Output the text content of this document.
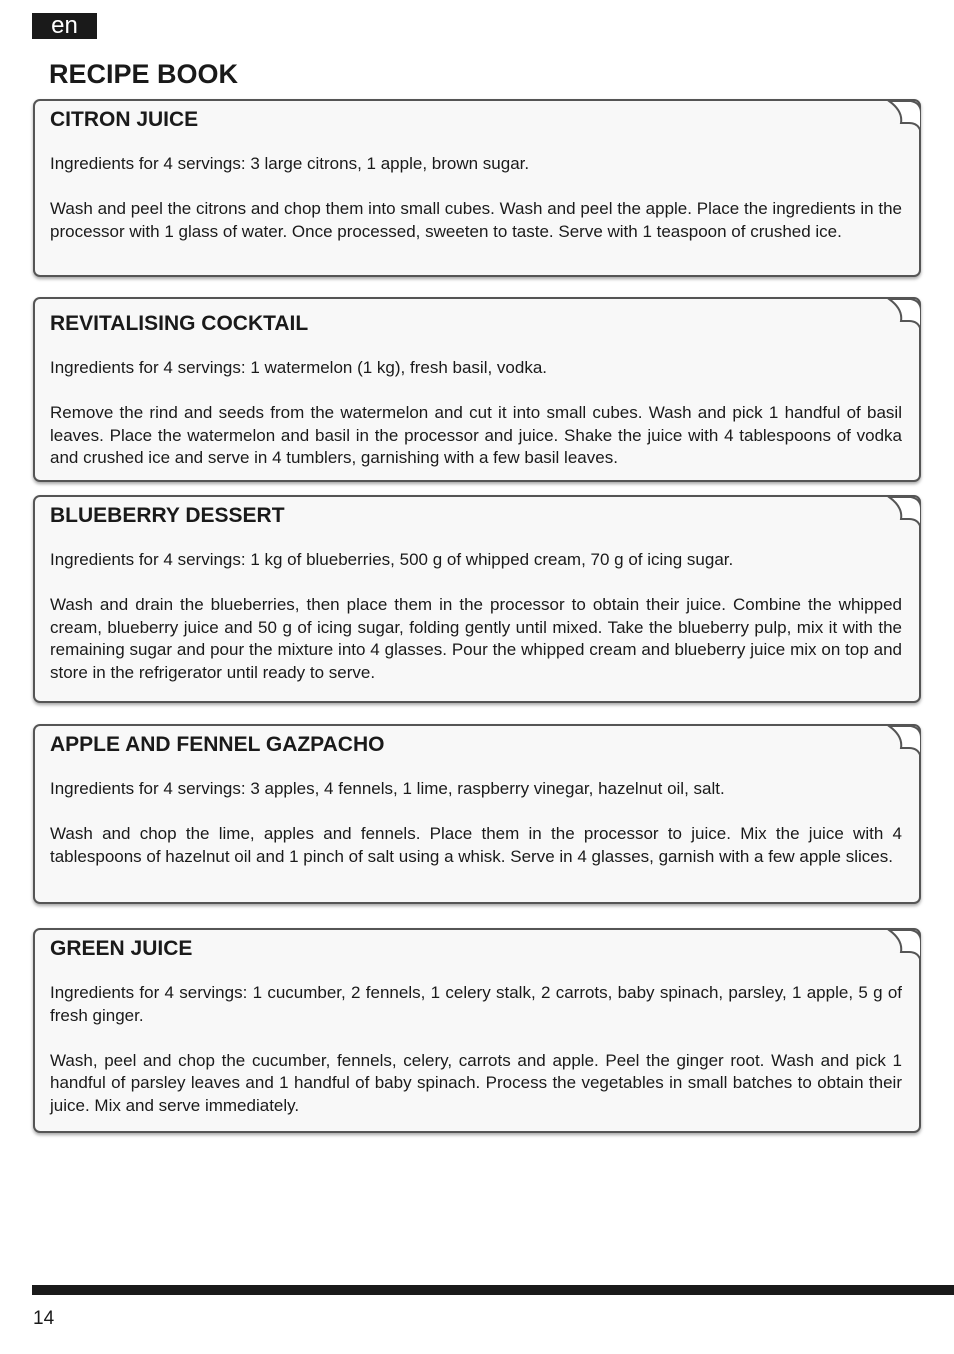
en
RECIPE BOOK
CITRON JUICE

Ingredients for 4 servings: 3 large citrons, 1 apple, brown sugar.

Wash and peel the citrons and chop them into small cubes. Wash and peel the apple. Place the ingredients in the processor with 1 glass of water. Once processed, sweeten to taste. Serve with 1 teaspoon of crushed ice.

REVITALISING COCKTAIL

Ingredients for 4 servings: 1 watermelon (1 kg), fresh basil, vodka.

Remove the rind and seeds from the watermelon and cut it into small cubes. Wash and pick 1 handful of basil leaves. Place the watermelon and basil in the processor and juice. Shake the juice with 4 tablespoons of vodka and crushed ice and serve in 4 tumblers, garnishing with a few basil leaves.

BLUEBERRY DESSERT

Ingredients for 4 servings: 1 kg of blueberries, 500 g of whipped cream, 70 g of icing sugar.

Wash and drain the blueberries, then place them in the processor to obtain their juice. Combine the whipped cream, blueberry juice and 50 g of icing sugar, folding gently until mixed. Take the blueberry pulp, mix it with the remaining sugar and pour the mixture into 4 glasses. Pour the whipped cream and blueberry juice mix on top and store in the refrigerator until ready to serve.

APPLE AND FENNEL GAZPACHO

Ingredients for 4 servings: 3 apples, 4 fennels, 1 lime, raspberry vinegar, hazelnut oil, salt.

Wash and chop the lime, apples and fennels. Place them in the processor to juice. Mix the juice with 4 tablespoons of hazelnut oil and 1 pinch of salt using a whisk. Serve in 4 glasses, garnish with a few apple slices.

GREEN JUICE

Ingredients for 4 servings: 1 cucumber, 2 fennels, 1 celery stalk, 2 carrots, baby spinach, parsley, 1 apple, 5 g of fresh ginger.

Wash, peel and chop the cucumber, fennels, celery, carrots and apple. Peel the ginger root. Wash and pick 1 handful of parsley leaves and 1 handful of baby spinach. Process the vegetables in small batches to obtain their juice. Mix and serve immediately.

14
